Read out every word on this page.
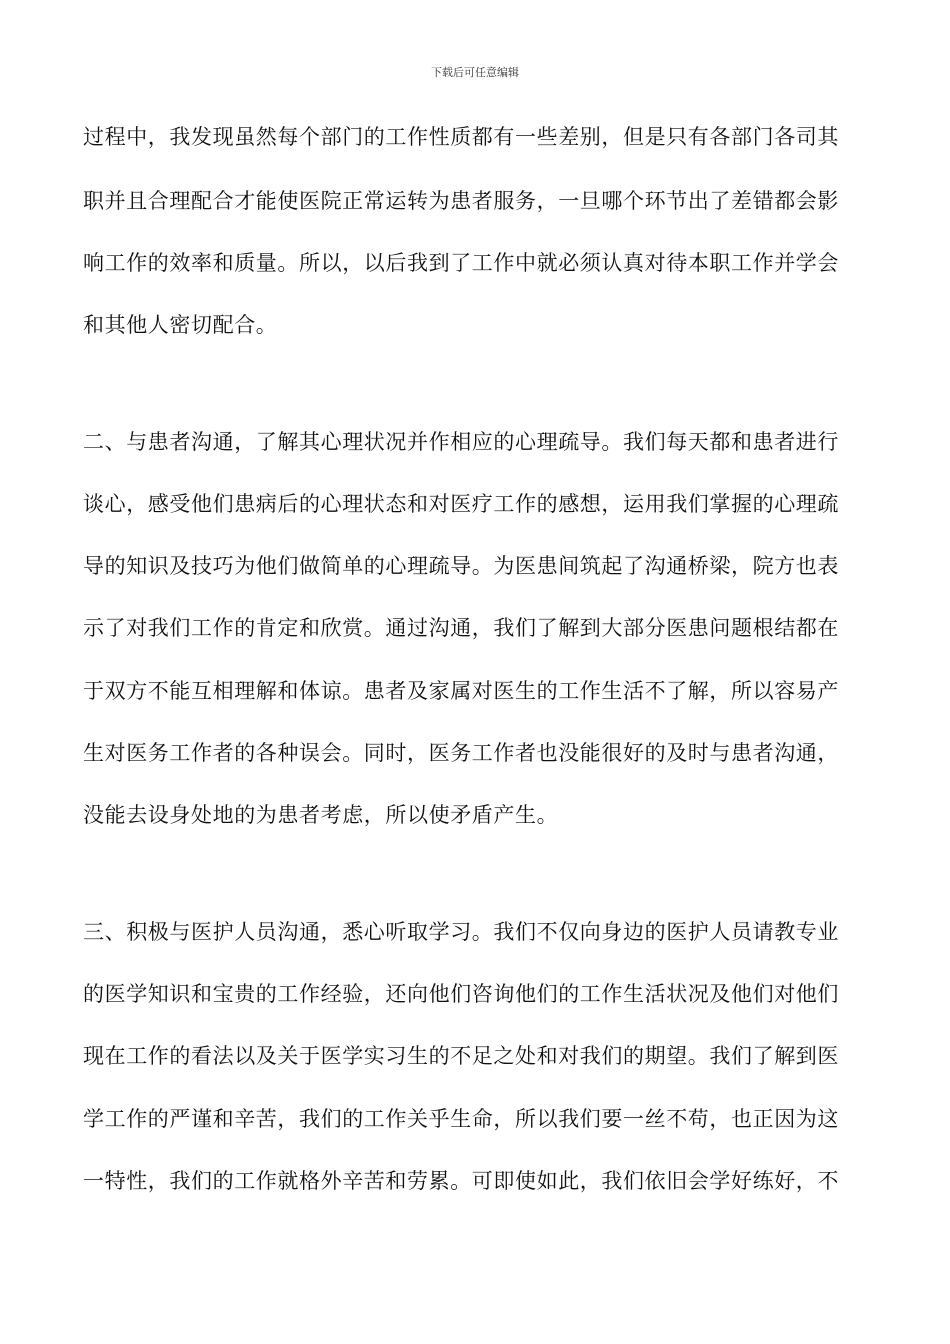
下载后可任意编辑
过程中，我发现虽然每个部门的工作性质都有一些差别，但是只有各部门各司其
职并且合理配合才能使医院正常运转为患者服务，一旦哪个环节出了差错都会影
响工作的效率和质量。所以，以后我到了工作中就必须认真对待本职工作并学会
和其他人密切配合。
二、与患者沟通，了解其心理状况并作相应的心理疏导。我们每天都和患者进行
谈心，感受他们患病后的心理状态和对医疗工作的感想，运用我们掌握的心理疏
导的知识及技巧为他们做简单的心理疏导。为医患间筑起了沟通桥梁，院方也表
示了对我们工作的肯定和欣赏。通过沟通，我们了解到大部分医患问题根结都在
于双方不能互相理解和体谅。患者及家属对医生的工作生活不了解，所以容易产
生对医务工作者的各种误会。同时，医务工作者也没能很好的及时与患者沟通，
没能去设身处地的为患者考虑，所以使矛盾产生。
三、积极与医护人员沟通，悉心听取学习。我们不仅向身边的医护人员请教专业
的医学知识和宝贵的工作经验，还向他们咨询他们的工作生活状况及他们对他们
现在工作的看法以及关于医学实习生的不足之处和对我们的期望。我们了解到医
学工作的严谨和辛苦，我们的工作关乎生命，所以我们要一丝不苟，也正因为这
一特性，我们的工作就格外辛苦和劳累。可即使如此，我们依旧会学好练好，不
